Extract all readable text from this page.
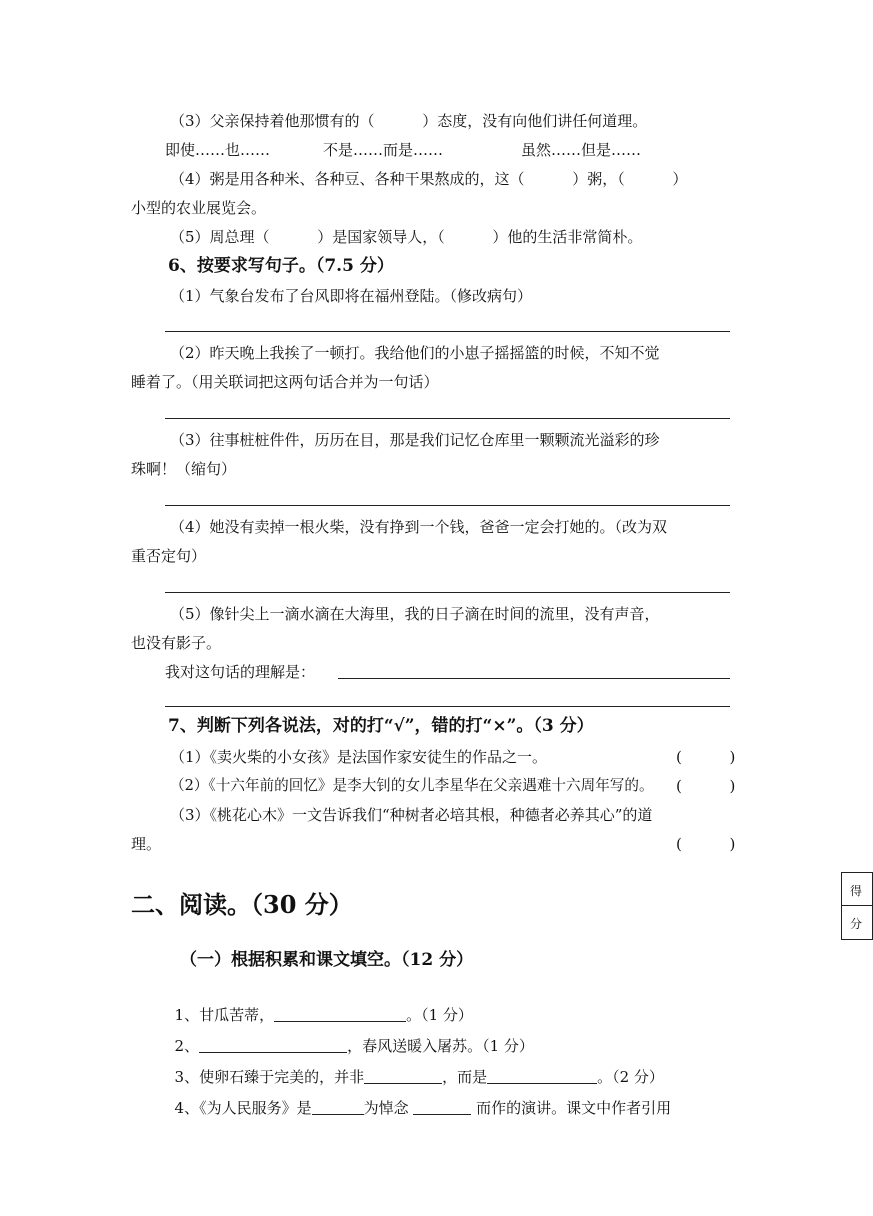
（3）父亲保持着他那惯有的（          ）态度，没有向他们讲任何道理。
即使……也……	不是……而是……	虽然……但是……
（4）粥是用各种米、各种豆、各种干果熬成的，这（          ）粥，（          ）
小型的农业展览会。
（5）周总理（          ）是国家领导人，（          ）他的生活非常简朴。
6、按要求写句子。（7.5 分）
（1）气象台发布了台风即将在福州登陆。（修改病句）
（2）昨天晚上我挨了一顿打。我给他们的小崽子摇摇篮的时候，不知不觉
睡着了。（用关联词把这两句话合并为一句话）
（3）往事桩桩件件，历历在目，那是我们记忆仓库里一颗颗流光溢彩的珍
珠啊！（缩句）
（4）她没有卖掉一根火柴，没有挣到一个钱，爸爸一定会打她的。（改为双
重否定句）
（5）像针尖上一滴水滴在大海里，我的日子滴在时间的流里，没有声音，
也没有影子。
我对这句话的理解是：
7、判断下列各说法，对的打“√”，错的打“×”。（3 分）
（1）《卖火柴的小女孩》是法国作家安徒生的作品之一。	(          )
（2）《十六年前的回忆》是李大钊的女儿李星华在父亲遇难十六周年写的。 (          )
（3）《桃花心木》一文告诉我们“种树者必培其根，种德者必养其心”的道
理。	(          )
得
分
二、阅读。（30 分）
（一）根据积累和课文填空。（12 分）

1、甘瓜苦蒂，	。（1 分）

2、	，春风送暖入屠苏。（1 分）

3、使卵石臻于完美的，并非	，而是	。（2 分）

4、《为人民服务》是	为悼念	而作的演讲。课文中作者引用
